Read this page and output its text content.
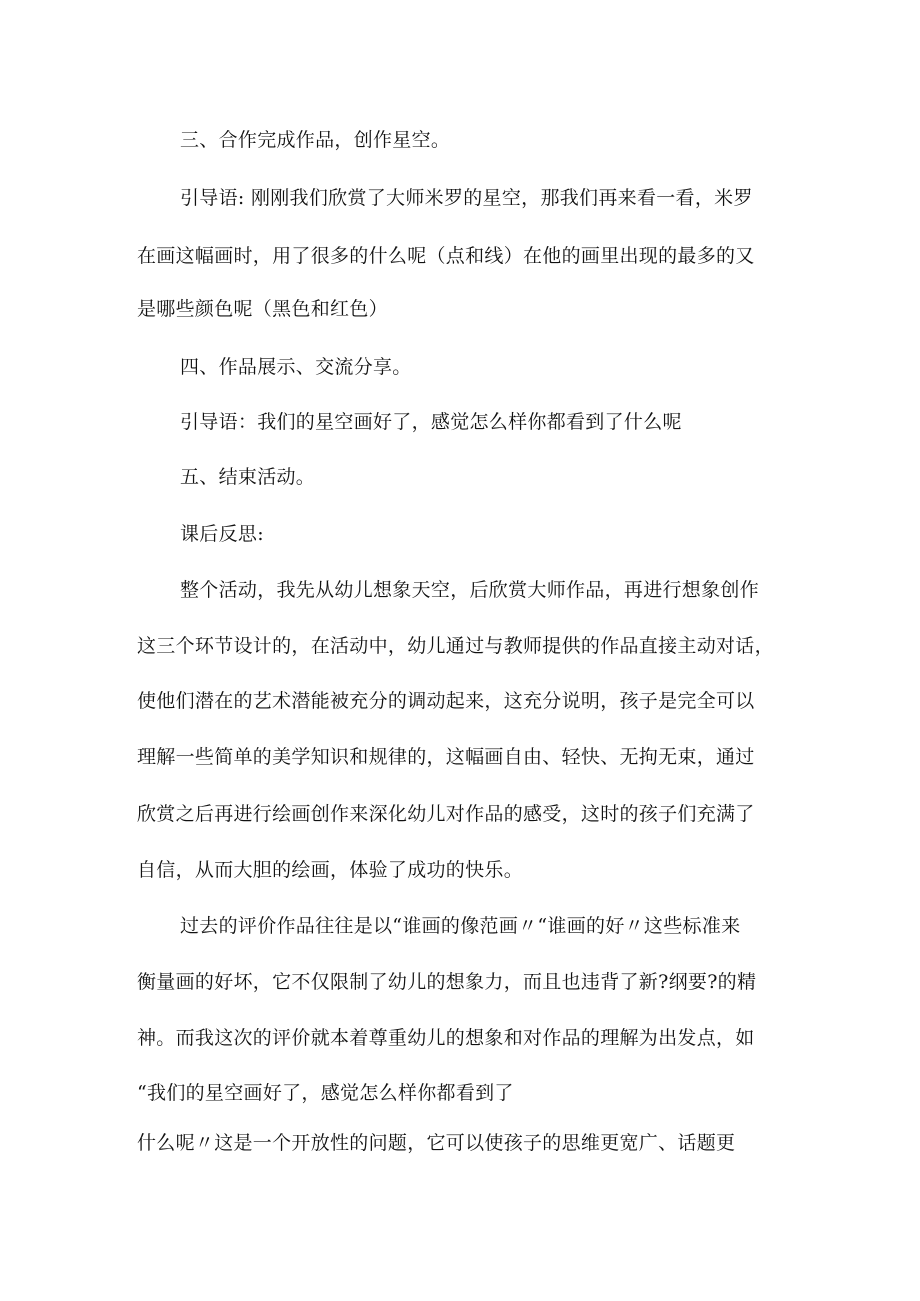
三、合作完成作品，创作星空。
引导语: 刚刚我们欣赏了大师米罗的星空，那我们再来看一看，米罗
在画这幅画时，用了很多的什么呢（点和线）在他的画里出现的最多的又
是哪些颜色呢（黑色和红色）
四、作品展示、交流分享。
引导语：我们的星空画好了，感觉怎么样你都看到了什么呢
五、结束活动。
课后反思:
整个活动，我先从幼儿想象天空，后欣赏大师作品，再进行想象创作
这三个环节设计的，在活动中，幼儿通过与教师提供的作品直接主动对话，
使他们潜在的艺术潜能被充分的调动起来，这充分说明，孩子是完全可以
理解一些简单的美学知识和规律的，这幅画自由、轻快、无拘无束，通过
欣赏之后再进行绘画创作来深化幼儿对作品的感受，这时的孩子们充满了
自信，从而大胆的绘画，体验了成功的快乐。
过去的评价作品往往是以“谁画的像范画〃“谁画的好〃这些标准来
衡量画的好坏，它不仅限制了幼儿的想象力，而且也违背了新?纲要?的精
神。而我这次的评价就本着尊重幼儿的想象和对作品的理解为出发点，如
“我们的星空画好了，感觉怎么样你都看到了
什么呢〃这是一个开放性的问题，它可以使孩子的思维更宽广、话题更
